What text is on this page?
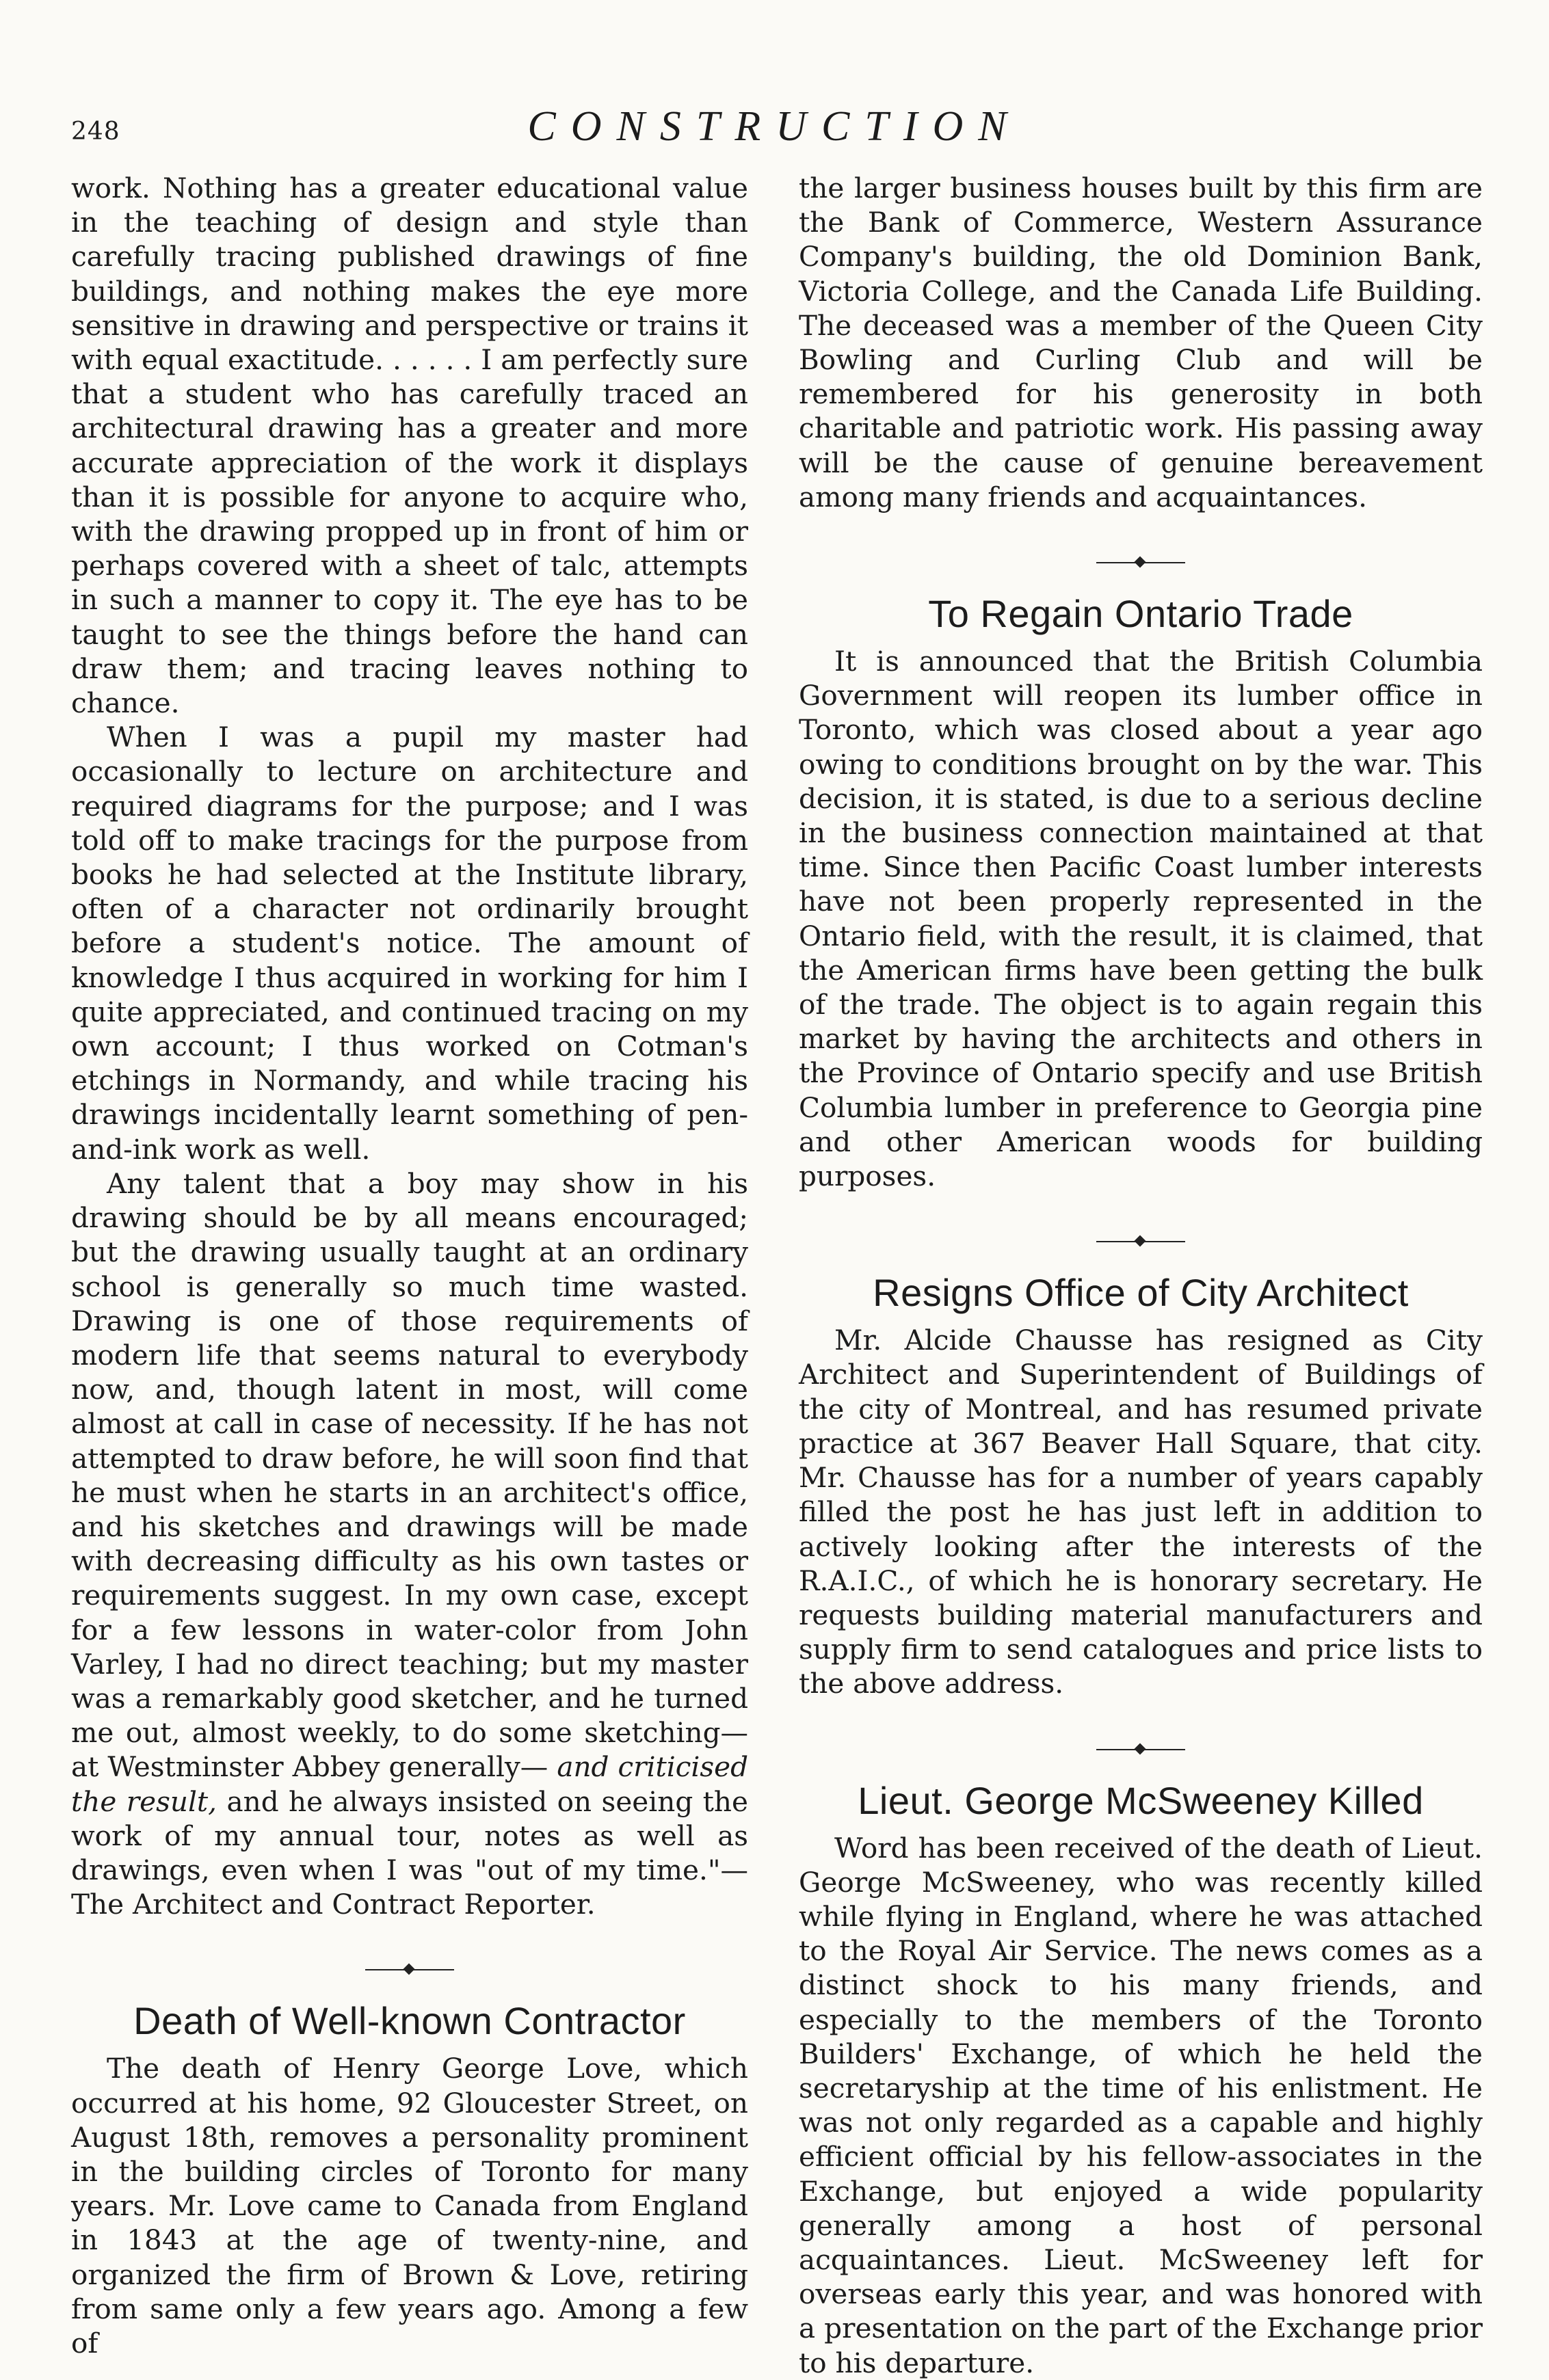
248	CONSTRUCTION

work. Nothing has a greater educational value in the teaching of design and style than carefully tracing published drawings of fine buildings, and nothing makes the eye more sensitive in drawing and perspective or trains it with equal exactitude. . . . . . I am perfectly sure that a student who has carefully traced an architectural drawing has a greater and more accurate appreciation of the work it displays than it is possible for anyone to acquire who, with the drawing propped up in front of him or perhaps covered with a sheet of talc, attempts in such a manner to copy it. The eye has to be taught to see the things before the hand can draw them; and tracing leaves nothing to chance.

When I was a pupil my master had occasionally to lecture on architecture and required diagrams for the purpose; and I was told off to make tracings for the purpose from books he had selected at the Institute library, often of a character not ordinarily brought before a student's notice. The amount of knowledge I thus acquired in working for him I quite appreciated, and continued tracing on my own account; I thus worked on Cotman's etchings in Normandy, and while tracing his drawings incidentally learnt something of pen-and-ink work as well.

Any talent that a boy may show in his drawing should be by all means encouraged; but the drawing usually taught at an ordinary school is generally so much time wasted. Drawing is one of those requirements of modern life that seems natural to everybody now, and, though latent in most, will come almost at call in case of necessity. If he has not attempted to draw before, he will soon find that he must when he starts in an architect's office, and his sketches and drawings will be made with decreasing difficulty as his own tastes or requirements suggest. In my own case, except for a few lessons in water-color from John Varley, I had no direct teaching; but my master was a remarkably good sketcher, and he turned me out, almost weekly, to do some sketching—at Westminster Abbey generally— and criticised the result, and he always insisted on seeing the work of my annual tour, notes as well as drawings, even when I was "out of my time."—The Architect and Contract Reporter.

Death of Well-known Contractor

The death of Henry George Love, which occurred at his home, 92 Gloucester Street, on August 18th, removes a personality prominent in the building circles of Toronto for many years. Mr. Love came to Canada from England in 1843 at the age of twenty-nine, and organized the firm of Brown & Love, retiring from same only a few years ago. Among a few of

the larger business houses built by this firm are the Bank of Commerce, Western Assurance Company's building, the old Dominion Bank, Victoria College, and the Canada Life Building. The deceased was a member of the Queen City Bowling and Curling Club and will be remembered for his generosity in both charitable and patriotic work. His passing away will be the cause of genuine bereavement among many friends and acquaintances.

To Regain Ontario Trade

It is announced that the British Columbia Government will reopen its lumber office in Toronto, which was closed about a year ago owing to conditions brought on by the war. This decision, it is stated, is due to a serious decline in the business connection maintained at that time. Since then Pacific Coast lumber interests have not been properly represented in the Ontario field, with the result, it is claimed, that the American firms have been getting the bulk of the trade. The object is to again regain this market by having the architects and others in the Province of Ontario specify and use British Columbia lumber in preference to Georgia pine and other American woods for building purposes.

Resigns Office of City Architect

Mr. Alcide Chausse has resigned as City Architect and Superintendent of Buildings of the city of Montreal, and has resumed private practice at 367 Beaver Hall Square, that city. Mr. Chausse has for a number of years capably filled the post he has just left in addition to actively looking after the interests of the R.A.I.C., of which he is honorary secretary. He requests building material manufacturers and supply firm to send catalogues and price lists to the above address.

Lieut. George McSweeney Killed

Word has been received of the death of Lieut. George McSweeney, who was recently killed while flying in England, where he was attached to the Royal Air Service. The news comes as a distinct shock to his many friends, and especially to the members of the Toronto Builders' Exchange, of which he held the secretaryship at the time of his enlistment. He was not only regarded as a capable and highly efficient official by his fellow-associates in the Exchange, but enjoyed a wide popularity generally among a host of personal acquaintances. Lieut. McSweeney left for overseas early this year, and was honored with a presentation on the part of the Exchange prior to his departure.
